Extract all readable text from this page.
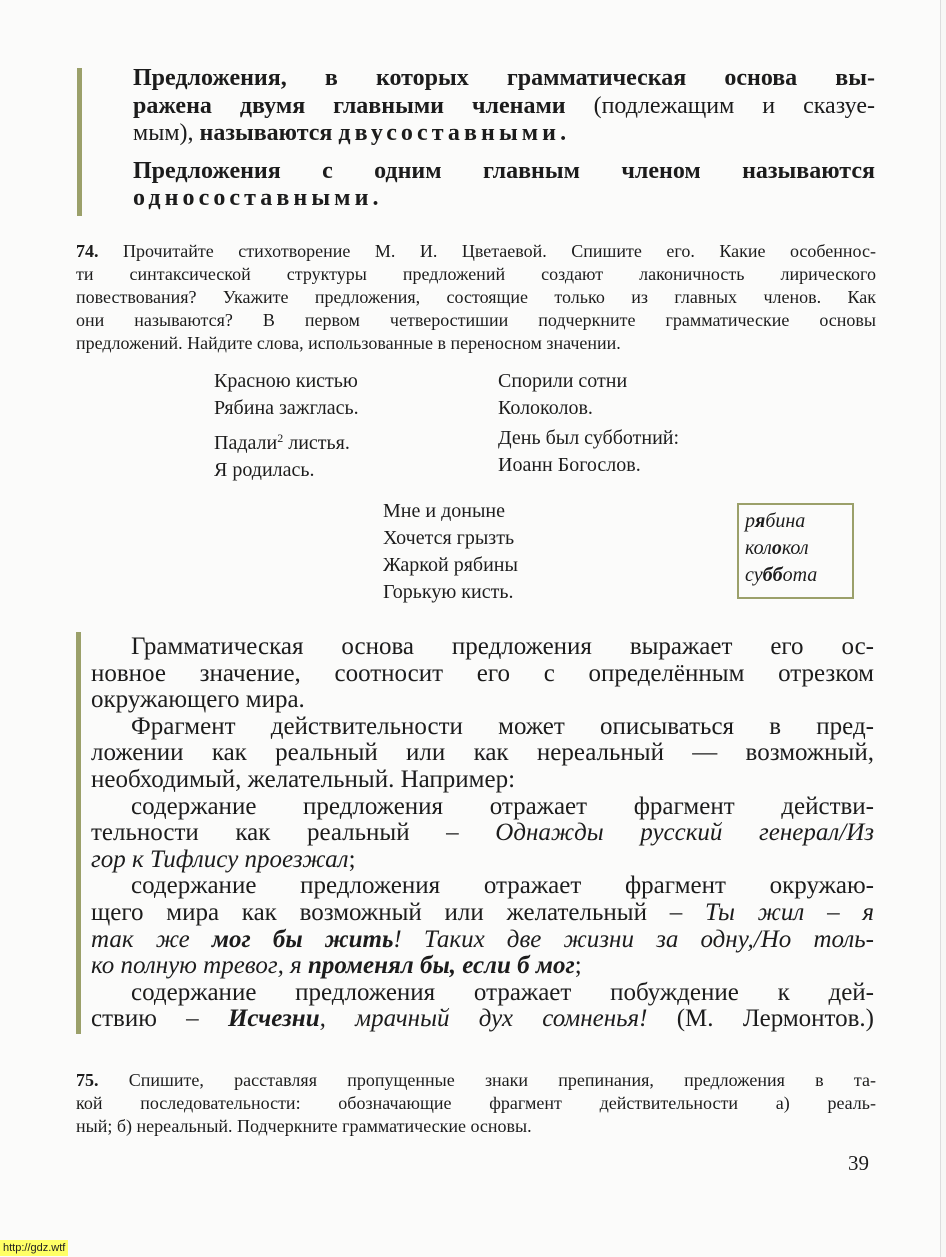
Предложения, в которых грамматическая основа вы-
ражена двумя главными членами (подлежащим и сказуе-
мым), называются двусоставными.
Предложения с одним главным членом называются
односоставными.
74. Прочитайте стихотворение М. И. Цветаевой. Спишите его. Какие особеннос-
ти синтаксической структуры предложений создают лаконичность лирического
повествования? Укажите предложения, состоящие только из главных членов. Как
они называются? В первом четверостишии подчеркните грамматические основы
предложений. Найдите слова, использованные в переносном значении.
Красною кистью
Рябина зажглась.
Падали$^2$ листья.
Я родилась.
Спорили сотни
Колоколов.
День был субботний:
Иоанн Богослов.
Мне и доныне
Хочется грызть
Жаркой рябины
Горькую кисть.
рябина
колокол
суббота
Грамматическая основа предложения выражает его ос-
новное значение, соотносит его с определённым отрезком
окружающего мира.
Фрагмент действительности может описываться в пред-
ложении как реальный или как нереальный — возможный,
необходимый, желательный. Например:
содержание предложения отражает фрагмент действи-
тельности как реальный – Однажды русский генерал/Из
гор к Тифлису проезжал;
содержание предложения отражает фрагмент окружаю-
щего мира как возможный или желательный – Ты жил – я
так же мог бы жить! Таких две жизни за одну,/Но толь-
ко полную тревог, я променял бы, если б мог;
содержание предложения отражает побуждение к дей-
ствию – Исчезни, мрачный дух сомненья! (М. Лермонтов.)
75. Спишите, расставляя пропущенные знаки препинания, предложения в та-
кой последовательности: обозначающие фрагмент действительности а) реаль-
ный; б) нереальный. Подчеркните грамматические основы.
39
http://gdz.wtf
